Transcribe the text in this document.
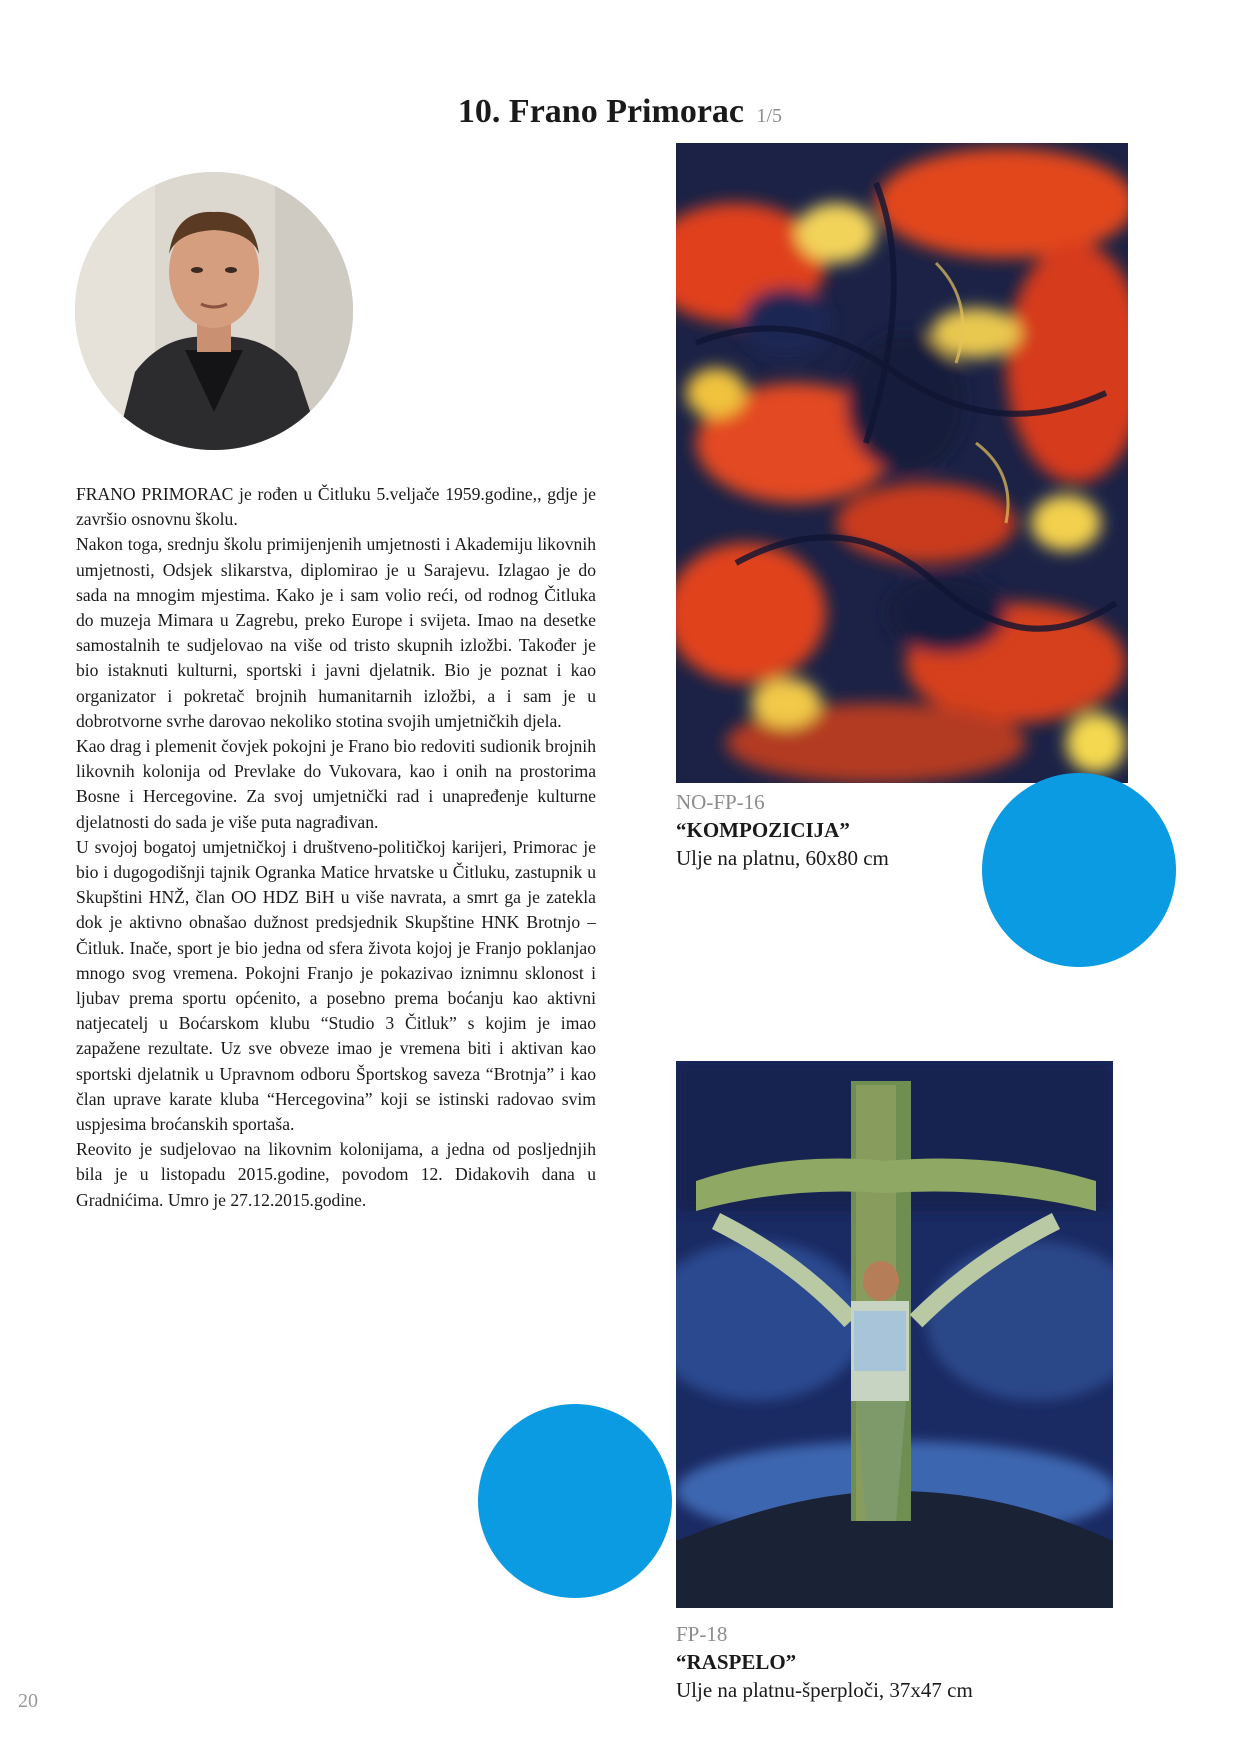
10. Frano Primorac 1/5

FRANO PRIMORAC je rođen u Čitluku 5.veljače 1959.godine,, gdje je završio osnovnu školu.

Nakon toga, srednju školu primijenjenih umjetnosti i Akademiju likovnih umjetnosti, Odsjek slikarstva, diplomirao je u Sarajevu. Izlagao je do sada na mnogim mjestima. Kako je i sam volio reći, od rodnog Čitluka do muzeja Mimara u Zagrebu, preko Europe i svijeta. Imao na desetke samostalnih te sudjelovao na više od tristo skupnih izložbi. Također je bio istaknuti kulturni, sportski i javni djelatnik. Bio je poznat i kao organizator i pokretač brojnih humanitarnih izložbi, a i sam je u dobrotvorne svrhe darovao nekoliko stotina svojih umjetničkih djela.

Kao drag i plemenit čovjek pokojni je Frano bio redoviti sudionik brojnih likovnih kolonija od Prevlake do Vukovara, kao i onih na prostorima Bosne i Hercegovine. Za svoj umjetnički rad i unapređenje kulturne djelatnosti do sada je više puta nagrađivan.

U svojoj bogatoj umjetničkoj i društveno-političkoj karijeri, Primorac je bio i dugogodišnji tajnik Ogranka Matice hrvatske u Čitluku, zastupnik u Skupštini HNŽ, član OO HDZ BiH u više navrata, a smrt ga je zatekla dok je aktivno obnašao dužnost predsjednik Skupštine HNK Brotnjo – Čitluk. Inače, sport je bio jedna od sfera života kojoj je Franjo poklanjao mnogo svog vremena. Pokojni Franjo je pokazivao iznimnu sklonost i ljubav prema sportu općenito, a posebno prema boćanju kao aktivni natjecatelj u Boćarskom klubu “Studio 3 Čitluk” s kojim je imao zapažene rezultate. Uz sve obveze imao je vremena biti i aktivan kao sportski djelatnik u Upravnom odboru Športskog saveza “Brotnja” i kao član uprave karate kluba “Hercegovina” koji se istinski radovao svim uspjesima broćanskih sportaša.

Reovito je sudjelovao na likovnim kolonijama, a jedna od posljednjih bila je u listopadu 2015.godine, povodom 12. Didakovih dana u Gradnićima. Umro je 27.12.2015.godine.

NO-FP-16
“KOMPOZICIJA”
Ulje na platnu, 60x80 cm
FP-18
“RASPELO”
Ulje na platnu-šperploči, 37x47 cm
20
